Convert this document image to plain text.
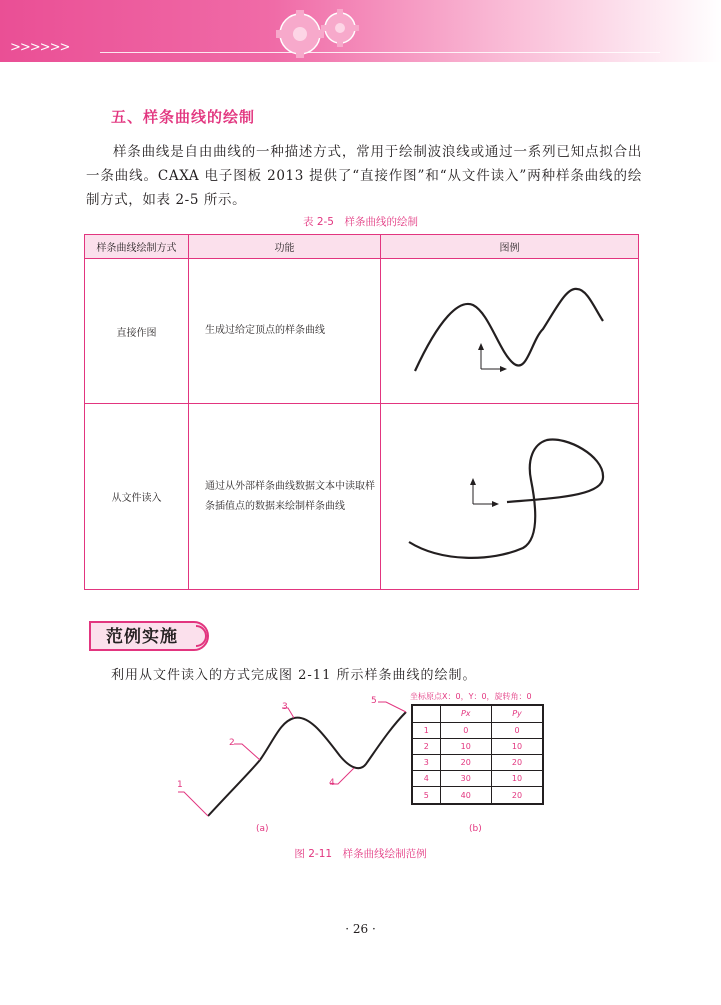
>>>>>>
五、样条曲线的绘制
样条曲线是自由曲线的一种描述方式，常用于绘制波浪线或通过一系列已知点拟合出一条曲线。CAXA 电子图板 2013 提供了“直接作图”和“从文件读入”两种样条曲线的绘制方式，如表 2-5 所示。
表 2-5　样条曲线的绘制
样条曲线绘制方式	功能	图例
直接作图	生成过给定顶点的样条曲线	
从文件读入	通过从外部样条曲线数据文本中读取样条插值点的数据来绘制样条曲线	
范例实施
利用从文件读入的方式完成图 2-11 所示样条曲线的绘制。
1
2
3
4
5
(a)
坐标原点X：0，Y：0，旋转角：0
	Px	Py
1	0	0
2	10	10
3	20	20
4	30	10
5	40	20
(b)
图 2-11　样条曲线绘制范例
· 26 ·
